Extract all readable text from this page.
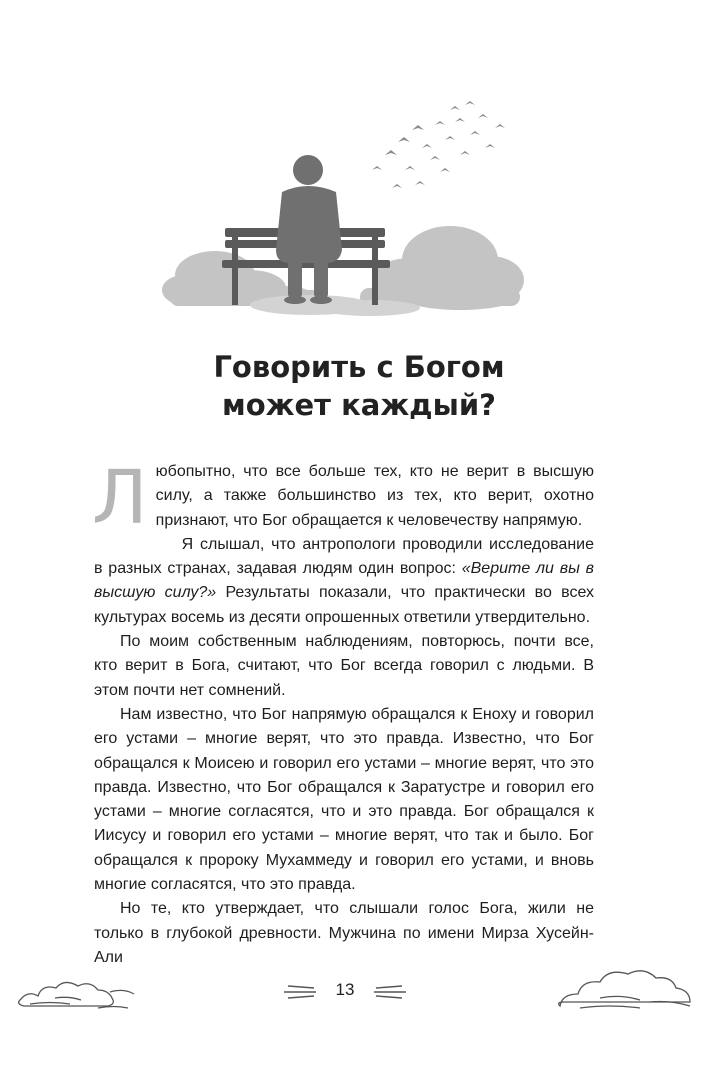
Говорить с Богом
может каждый?

Любопытно, что все больше тех, кто не верит в высшую силу, а также большинство из тех, кто верит, охотно признают, что Бог обращается к человечеству напрямую.

Я слышал, что антропологи проводили исследование в разных странах, задавая людям один вопрос: «Верите ли вы в высшую силу?» Результаты показали, что практически во всех культурах восемь из десяти опрошенных ответили утвердительно.

По моим собственным наблюдениям, повторюсь, почти все, кто верит в Бога, считают, что Бог всегда говорил с людьми. В этом почти нет сомнений.

Нам известно, что Бог напрямую обращался к Еноху и говорил его устами – многие верят, что это правда. Известно, что Бог обращался к Моисею и говорил его устами – многие верят, что это правда. Известно, что Бог обращался к Заратустре и говорил его устами – многие согласятся, что и это правда. Бог обращался к Иисусу и говорил его устами – многие верят, что так и было. Бог обращался к пророку Мухаммеду и говорил его устами, и вновь многие согласятся, что это правда.

Но те, кто утверждает, что слышали голос Бога, жили не только в глубокой древности. Мужчина по имени Мирза Хусейн-Али

13
